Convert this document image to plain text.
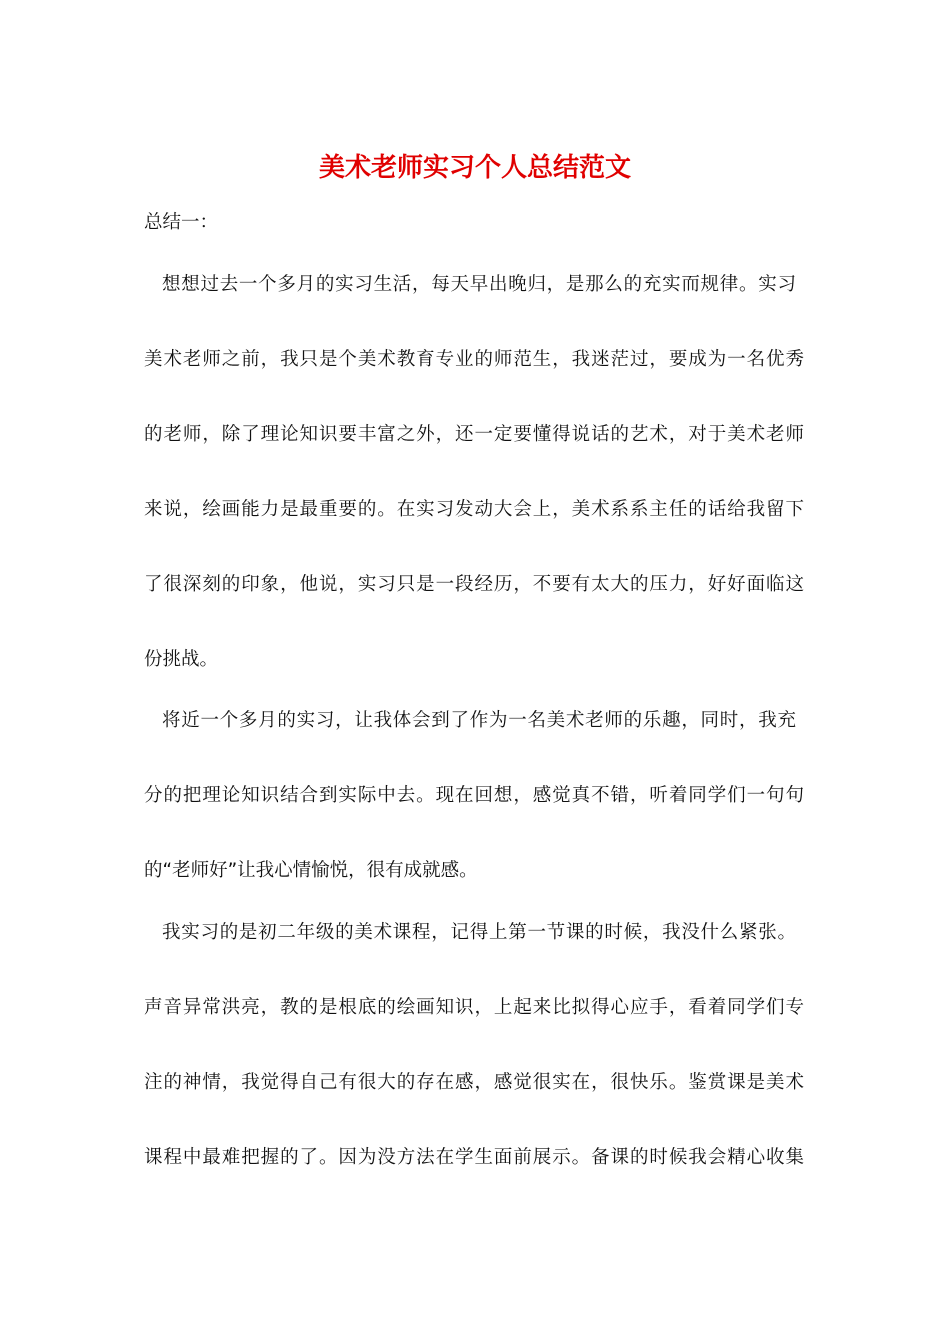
美术老师实习个人总结范文

总结一：

想想过去一个多月的实习生活，每天早出晚归，是那么的充实而规律。实习

美术老师之前，我只是个美术教育专业的师范生，我迷茫过，要成为一名优秀

的老师，除了理论知识要丰富之外，还一定要懂得说话的艺术，对于美术老师

来说，绘画能力是最重要的。在实习发动大会上，美术系系主任的话给我留下

了很深刻的印象，他说，实习只是一段经历，不要有太大的压力，好好面临这

份挑战。

将近一个多月的实习，让我体会到了作为一名美术老师的乐趣，同时，我充

分的把理论知识结合到实际中去。现在回想，感觉真不错，听着同学们一句句

的“老师好”让我心情愉悦，很有成就感。

我实习的是初二年级的美术课程，记得上第一节课的时候，我没什么紧张。

声音异常洪亮，教的是根底的绘画知识，上起来比拟得心应手，看着同学们专

注的神情，我觉得自己有很大的存在感，感觉很实在，很快乐。鉴赏课是美术

课程中最难把握的了。因为没方法在学生面前展示。备课的时候我会精心收集
